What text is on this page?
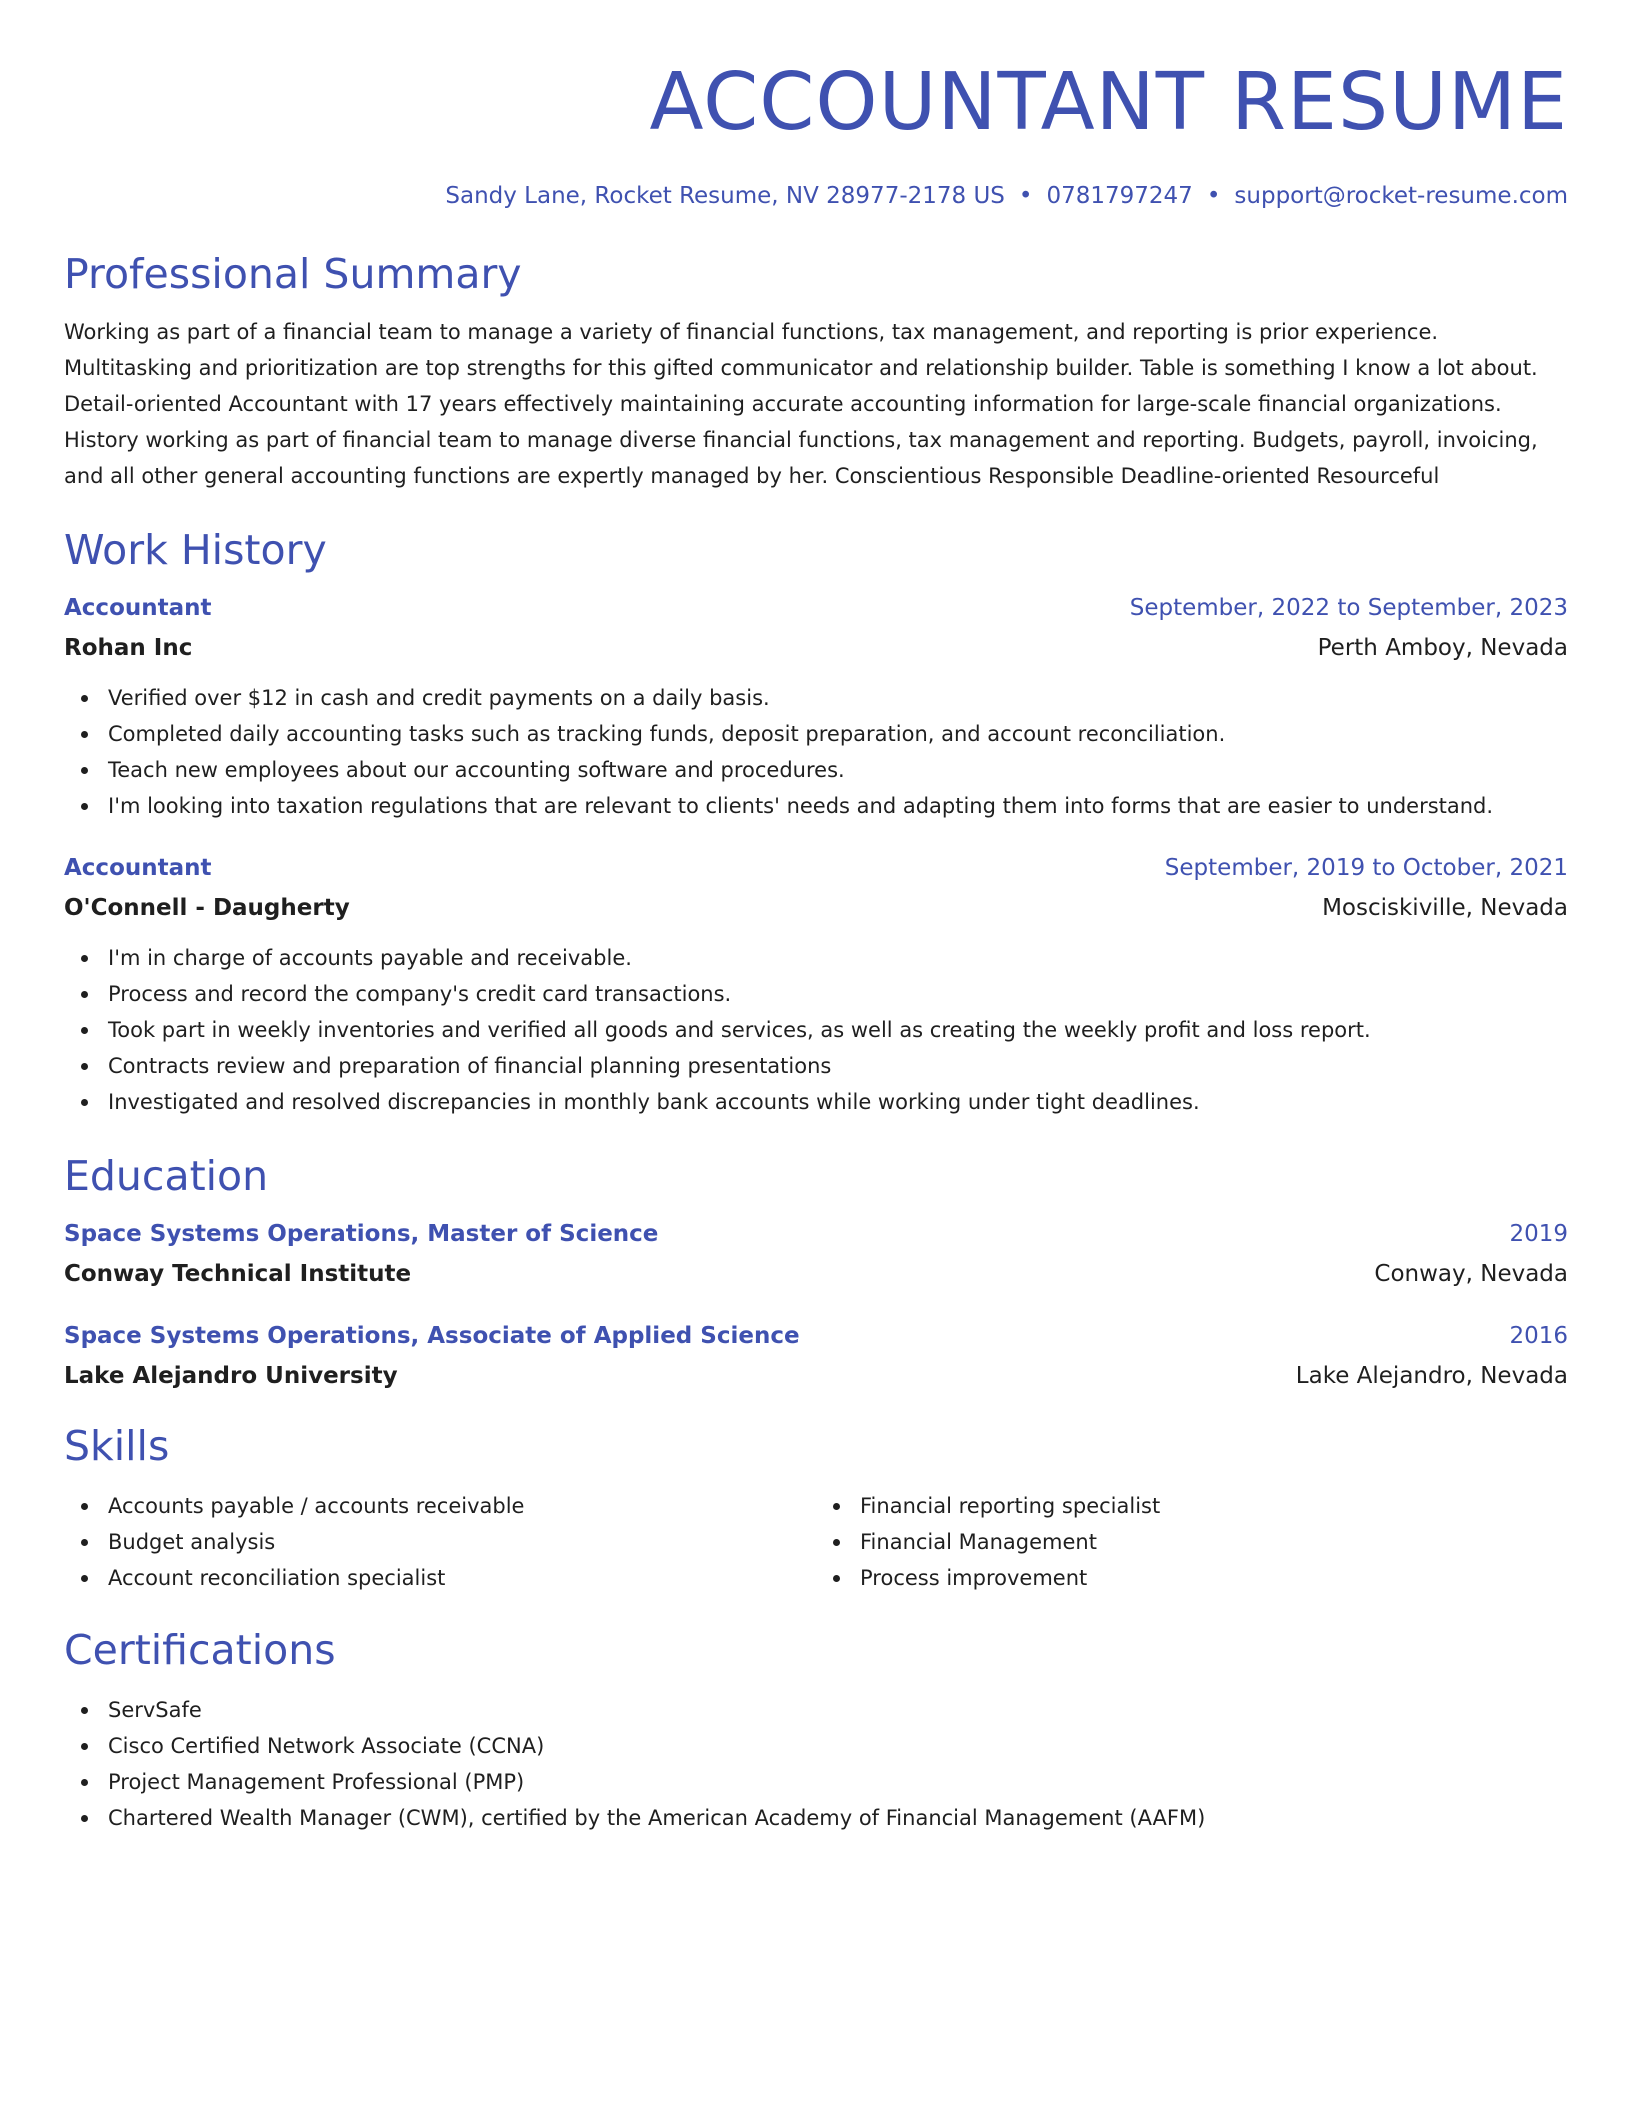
ACCOUNTANT RESUME
Sandy Lane, Rocket Resume, NV 28977-2178 US • 0781797247 • support@rocket-resume.com
Professional Summary
Working as part of a financial team to manage a variety of financial functions, tax management, and reporting is prior experience. Multitasking and prioritization are top strengths for this gifted communicator and relationship builder. Table is something I know a lot about. Detail-oriented Accountant with 17 years effectively maintaining accurate accounting information for large-scale financial organizations. History working as part of financial team to manage diverse financial functions, tax management and reporting. Budgets, payroll, invoicing, and all other general accounting functions are expertly managed by her. Conscientious Responsible Deadline-oriented Resourceful
Work History
Accountant	September, 2022 to September, 2023
Rohan Inc	Perth Amboy, Nevada
Verified over $12 in cash and credit payments on a daily basis.
Completed daily accounting tasks such as tracking funds, deposit preparation, and account reconciliation.
Teach new employees about our accounting software and procedures.
I'm looking into taxation regulations that are relevant to clients' needs and adapting them into forms that are easier to understand.
Accountant	September, 2019 to October, 2021
O'Connell - Daugherty	Mosciskiville, Nevada
I'm in charge of accounts payable and receivable.
Process and record the company's credit card transactions.
Took part in weekly inventories and verified all goods and services, as well as creating the weekly profit and loss report.
Contracts review and preparation of financial planning presentations
Investigated and resolved discrepancies in monthly bank accounts while working under tight deadlines.
Education
Space Systems Operations, Master of Science	2019
Conway Technical Institute	Conway, Nevada
Space Systems Operations, Associate of Applied Science	2016
Lake Alejandro University	Lake Alejandro, Nevada
Skills
Accounts payable / accounts receivable
Budget analysis
Account reconciliation specialist
Financial reporting specialist
Financial Management
Process improvement
Certifications
ServSafe
Cisco Certified Network Associate (CCNA)
Project Management Professional (PMP)
Chartered Wealth Manager (CWM), certified by the American Academy of Financial Management (AAFM)
